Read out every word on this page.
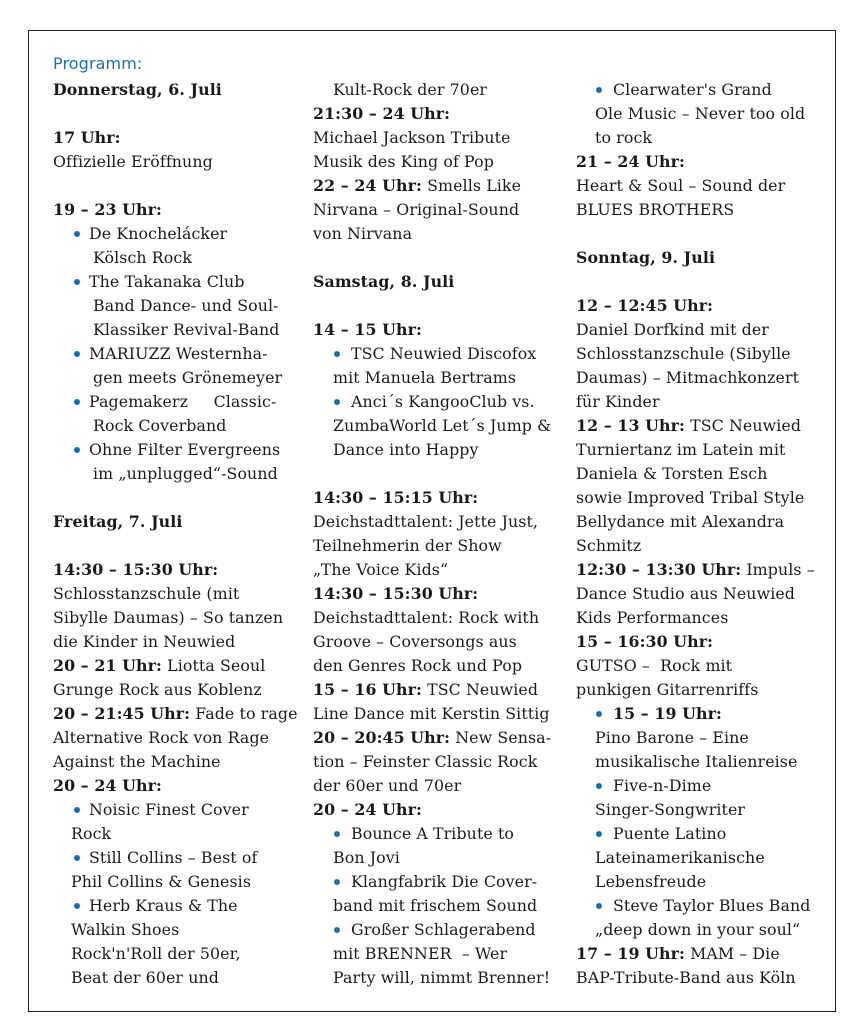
Programm:
Donnerstag, 6. Juli
17 Uhr:
Offizielle Eröffnung
19 – 23 Uhr:
De Knochelácker
Kölsch Rock
The Takanaka Club
Band Dance- und Soul-
Klassiker Revival-Band
MARIUZZ Westernha-
gen meets Grönemeyer
Pagemakerz     Classic-
Rock Coverband
Ohne Filter Evergreens
im „unplugged“-Sound
Freitag, 7. Juli
14:30 – 15:30 Uhr:
Schlosstanzschule (mit
Sibylle Daumas) – So tanzen
die Kinder in Neuwied
20 – 21 Uhr: Liotta Seoul
Grunge Rock aus Koblenz
20 – 21:45 Uhr: Fade to rage
Alternative Rock von Rage
Against the Machine
20 – 24 Uhr:
Noisic Finest Cover
Rock
Still Collins – Best of
Phil Collins & Genesis
Herb Kraus & The
Walkin Shoes
Rock'n'Roll der 50er,
Beat der 60er und
Kult-Rock der 70er
21:30 – 24 Uhr:
Michael Jackson Tribute
Musik des King of Pop
22 – 24 Uhr: Smells Like
Nirvana – Original-Sound
von Nirvana
Samstag, 8. Juli
14 – 15 Uhr:
TSC Neuwied Discofox
mit Manuela Bertrams
Anci´s KangooClub vs.
ZumbaWorld Let´s Jump &
Dance into Happy
14:30 – 15:15 Uhr:
Deichstadttalent: Jette Just,
Teilnehmerin der Show
„The Voice Kids“
14:30 – 15:30 Uhr:
Deichstadttalent: Rock with
Groove – Coversongs aus
den Genres Rock und Pop
15 – 16 Uhr: TSC Neuwied
Line Dance mit Kerstin Sittig
20 – 20:45 Uhr: New Sensa-
tion – Feinster Classic Rock
der 60er und 70er
20 – 24 Uhr:
Bounce A Tribute to
Bon Jovi
Klangfabrik Die Cover-
band mit frischem Sound
Großer Schlagerabend
mit BRENNER  – Wer
Party will, nimmt Brenner!
Clearwater's Grand
Ole Music – Never too old
to rock
21 – 24 Uhr:
Heart & Soul – Sound der
BLUES BROTHERS
Sonntag, 9. Juli
12 – 12:45 Uhr:
Daniel Dorfkind mit der
Schlosstanzschule (Sibylle
Daumas) – Mitmachkonzert
für Kinder
12 – 13 Uhr: TSC Neuwied
Turniertanz im Latein mit
Daniela & Torsten Esch
sowie Improved Tribal Style
Bellydance mit Alexandra
Schmitz
12:30 – 13:30 Uhr: Impuls –
Dance Studio aus Neuwied
Kids Performances
15 – 16:30 Uhr:
GUTSO –  Rock mit
punkigen Gitarrenriffs
15 – 19 Uhr:
Pino Barone – Eine
musikalische Italienreise
Five-n-Dime
Singer-Songwriter
Puente Latino
Lateinamerikanische
Lebensfreude
Steve Taylor Blues Band
„deep down in your soul“
17 – 19 Uhr: MAM – Die
BAP-Tribute-Band aus Köln
